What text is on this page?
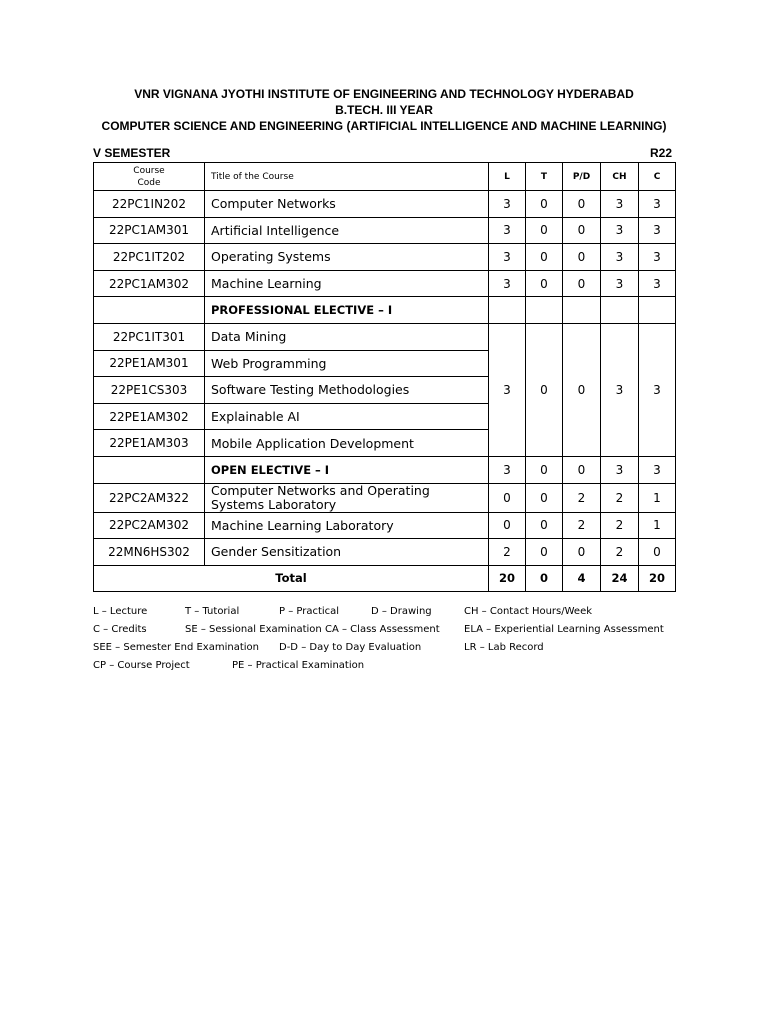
VNR VIGNANA JYOTHI INSTITUTE OF ENGINEERING AND TECHNOLOGY HYDERABAD
B.TECH. III YEAR
COMPUTER SCIENCE AND ENGINEERING (ARTIFICIAL INTELLIGENCE AND MACHINE LEARNING)
V SEMESTER	R22
Course
Code	Title of the Course	L	T	P/D	CH	C
22PC1IN202	Computer Networks	3	0	0	3	3
22PC1AM301	Artificial Intelligence	3	0	0	3	3
22PC1IT202	Operating Systems	3	0	0	3	3
22PC1AM302	Machine Learning	3	0	0	3	3
	PROFESSIONAL ELECTIVE – I					
22PC1IT301	Data Mining	3	0	0	3	3
22PE1AM301	Web Programming					
22PE1CS303	Software Testing Methodologies					
22PE1AM302	Explainable AI					
22PE1AM303	Mobile Application Development					
	OPEN ELECTIVE – I	3	0	0	3	3
22PC2AM322	Computer Networks and Operating
Systems Laboratory	0	0	2	2	1
22PC2AM302	Machine Learning Laboratory	0	0	2	2	1
22MN6HS302	Gender Sensitization	2	0	0	2	0
Total		20	0	4	24	20
L – Lecture	T – Tutorial	P – Practical	D – Drawing	CH – Contact Hours/Week
C – Credits	SE – Sessional Examination CA – Class Assessment ELA – Experiential Learning Assessment
SEE – Semester End Examination D-D – Day to Day Evaluation	LR – Lab Record
CP – Course Project	PE – Practical Examination
